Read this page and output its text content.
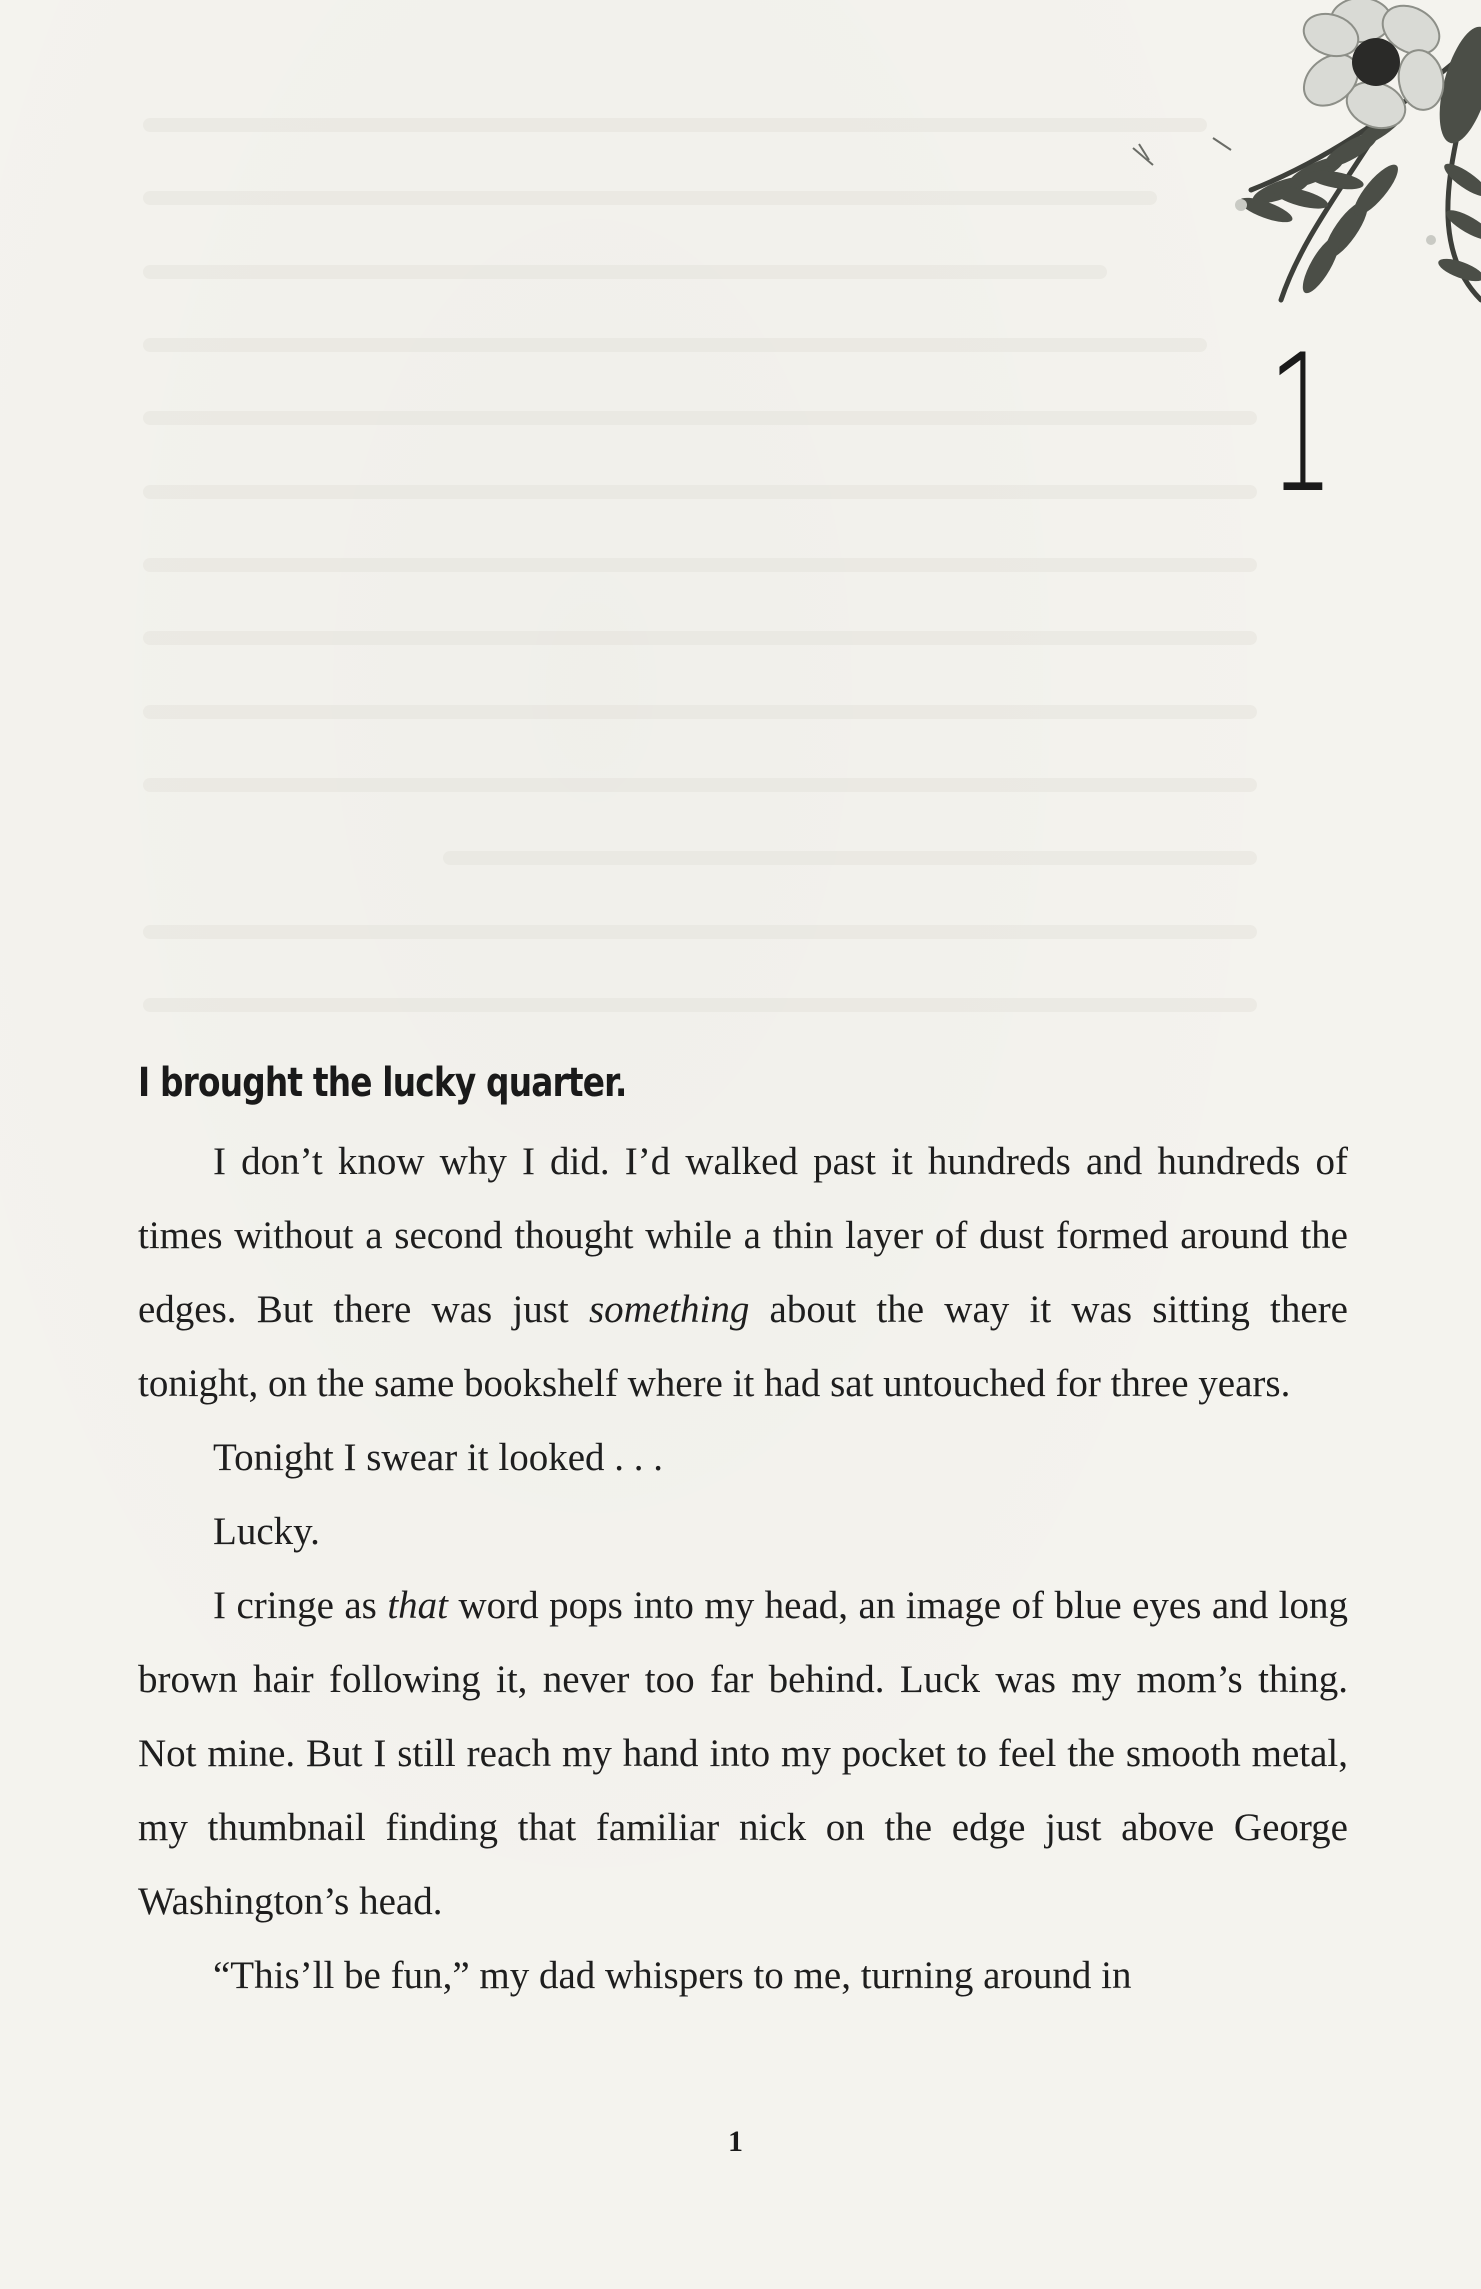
1
I brought the lucky quarter.

I don’t know why I did. I’d walked past it hundreds and hundreds of times without a second thought while a thin layer of dust formed around the edges. But there was just something about the way it was sitting there tonight, on the same bookshelf where it had sat untouched for three years.

Tonight I swear it looked . . .

Lucky.

I cringe as that word pops into my head, an image of blue eyes and long brown hair following it, never too far behind. Luck was my mom’s thing. Not mine. But I still reach my hand into my pocket to feel the smooth metal, my thumbnail finding that familiar nick on the edge just above George Washington’s head.

“This’ll be fun,” my dad whispers to me, turning around in

1
